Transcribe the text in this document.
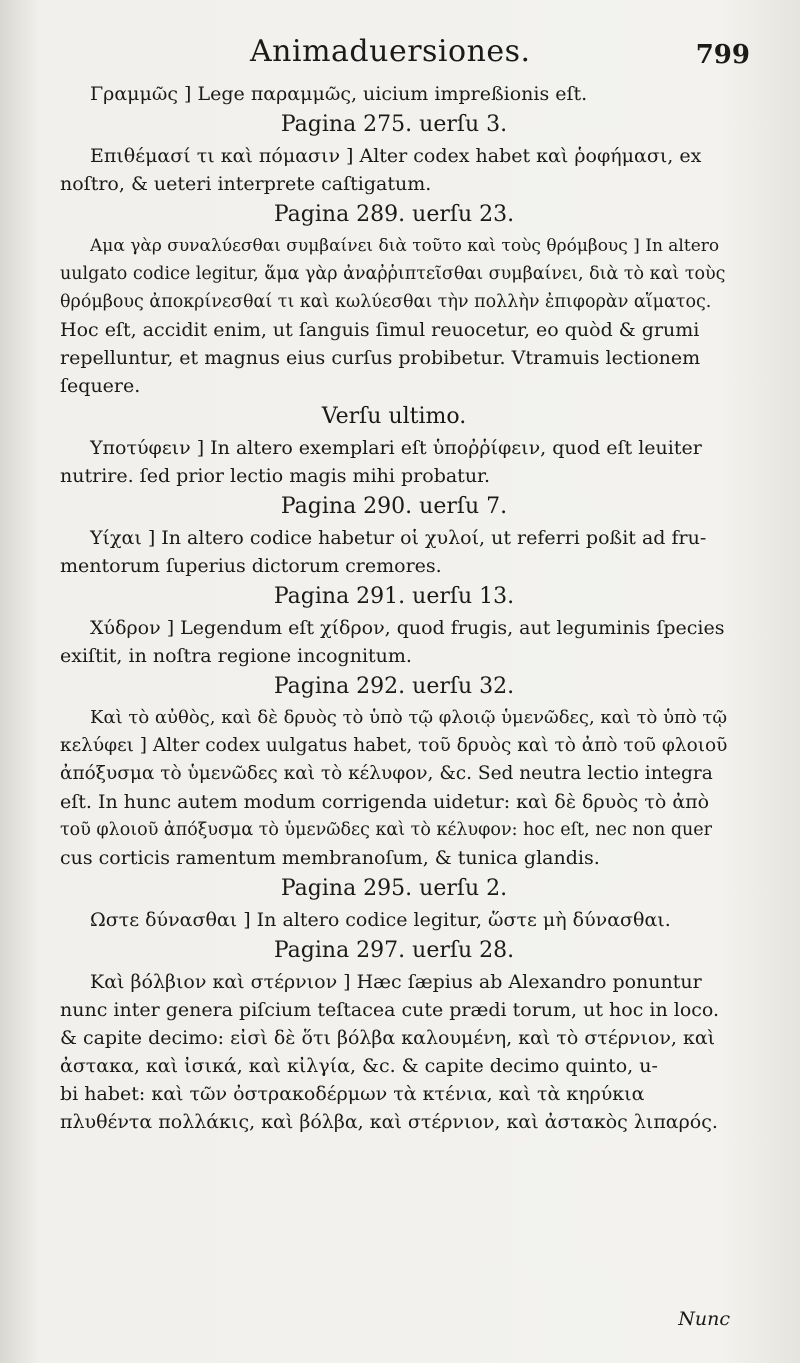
Animaduersiones.	799
Γραμμῶς ] Lege παραμμῶς, uicium impreßionis eſt.
Pagina 275. uerſu 3.
Επιθέμασί τι καὶ πόμασιν ] Alter codex habet καὶ ῥοφήμασι, ex
noſtro, & ueteri interprete caſtigatum.
Pagina 289. uerſu 23.
Αμα γὰρ συναλύεσθαι συμβαίνει διὰ τοῦτο καὶ τοὺς θρόμβους ] In altero
uulgato codice legitur, ἅμα γὰρ ἀναῤῥιπτεῖσθαι συμβαίνει, διὰ τὸ καὶ τοὺς
θρόμβους ἀποκρίνεσθαί τι καὶ κωλύεσθαι τὴν πολλὴν ἐπιφορὰν αἵματος.
Hoc eſt, accidit enim, ut ſanguis ſimul reuocetur, eo quòd & grumi
repelluntur, et magnus eius curſus probibetur. Vtramuis lectionem
ſequere.
Verſu ultimo.
Υποτύφειν ] In altero exemplari eſt ὑποῤῥίφειν, quod eſt leuiter
nutrire. ſed prior lectio magis mihi probatur.
Pagina 290. uerſu 7.
Υίχαι ] In altero codice habetur οἱ χυλοί, ut referri poßit ad fru-
mentorum ſuperius dictorum cremores.
Pagina 291. uerſu 13.
Χύδρον ] Legendum eſt χίδρον, quod frugis, aut leguminis ſpecies
exiſtit, in noſtra regione incognitum.
Pagina 292. uerſu 32.
Καὶ τὸ αὐθὸς, καὶ δὲ δρυὸς τὸ ὑπὸ τῷ φλοιῷ ὑμενῶδες, καὶ τὸ ὑπὸ τῷ
κελύφει ] Alter codex uulgatus habet, τοῦ δρυὸς καὶ τὸ ἀπὸ τοῦ φλοιοῦ
ἀπόξυσμα τὸ ὑμενῶδες καὶ τὸ κέλυφον, &c. Sed neutra lectio integra
eſt. In hunc autem modum corrigenda uidetur: καὶ δὲ δρυὸς τὸ ἀπὸ
τοῦ φλοιοῦ ἀπόξυσμα τὸ ὑμενῶδες καὶ τὸ κέλυφον: hoc eſt, nec non quer
cus corticis ramentum membranoſum, & tunica glandis.
Pagina 295. uerſu 2.
Ωστε δύνασθαι ] In altero codice legitur, ὥστε μὴ δύνασθαι.
Pagina 297. uerſu 28.
Καὶ βόλβιον καὶ στέρνιον ] Hæc ſæpius ab Alexandro ponuntur
nunc inter genera piſcium teſtacea cute prædi torum, ut hoc in loco.
& capite decimo: εἰσὶ δὲ ὅτι βόλβα καλουμένη, καὶ τὸ στέρνιον, καὶ
ἀστακα, καὶ ἰσικά, καὶ κἰλγία, &c. & capite decimo quinto, u-
bi habet: καὶ τῶν ὀστρακοδέρμων τὰ κτένια, καὶ τὰ κηρύκια
πλυθέντα πολλάκις, καὶ βόλβα, καὶ στέρνιον, καὶ ἀστακὸς λιπαρός.
Nunc
